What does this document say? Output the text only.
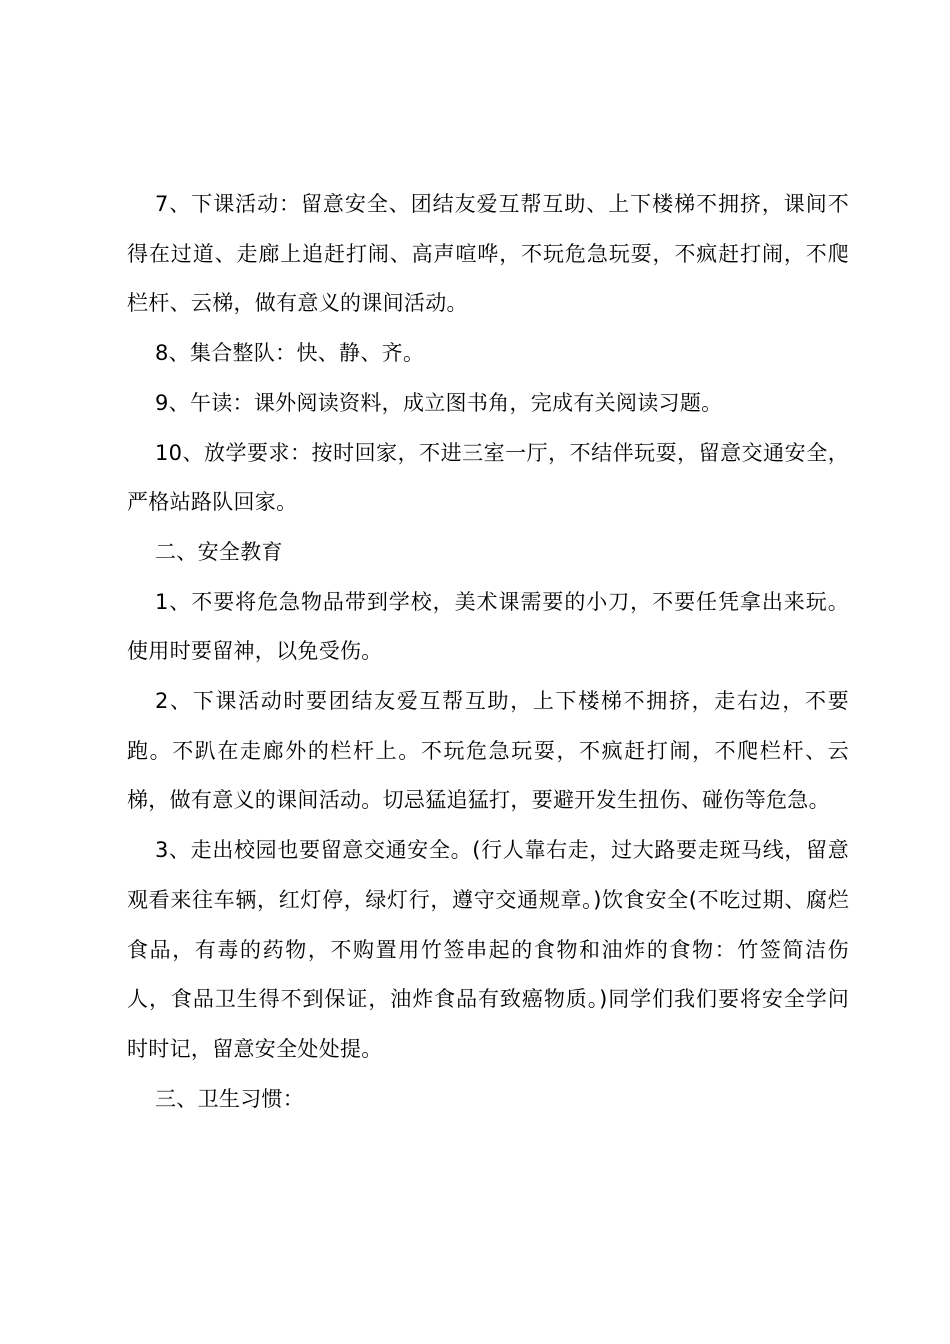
7、下课活动：留意安全、团结友爱互帮互助、上下楼梯不拥挤，课间不得在过道、走廊上追赶打闹、高声喧哗，不玩危急玩耍，不疯赶打闹，不爬栏杆、云梯，做有意义的课间活动。

8、集合整队：快、静、齐。

9、午读：课外阅读资料，成立图书角，完成有关阅读习题。

10、放学要求：按时回家，不进三室一厅，不结伴玩耍，留意交通安全，严格站路队回家。

二、安全教育

1、不要将危急物品带到学校，美术课需要的小刀，不要任凭拿出来玩。使用时要留神，以免受伤。

2、下课活动时要团结友爱互帮互助，上下楼梯不拥挤，走右边，不要跑。不趴在走廊外的栏杆上。不玩危急玩耍，不疯赶打闹，不爬栏杆、云梯，做有意义的课间活动。切忌猛追猛打，要避开发生扭伤、碰伤等危急。

3、走出校园也要留意交通安全。(行人靠右走，过大路要走斑马线，留意观看来往车辆，红灯停，绿灯行，遵守交通规章。)饮食安全(不吃过期、腐烂食品，有毒的药物，不购置用竹签串起的食物和油炸的食物：竹签简洁伤人，食品卫生得不到保证，油炸食品有致癌物质。)同学们我们要将安全学问时时记，留意安全处处提。

三、卫生习惯：
